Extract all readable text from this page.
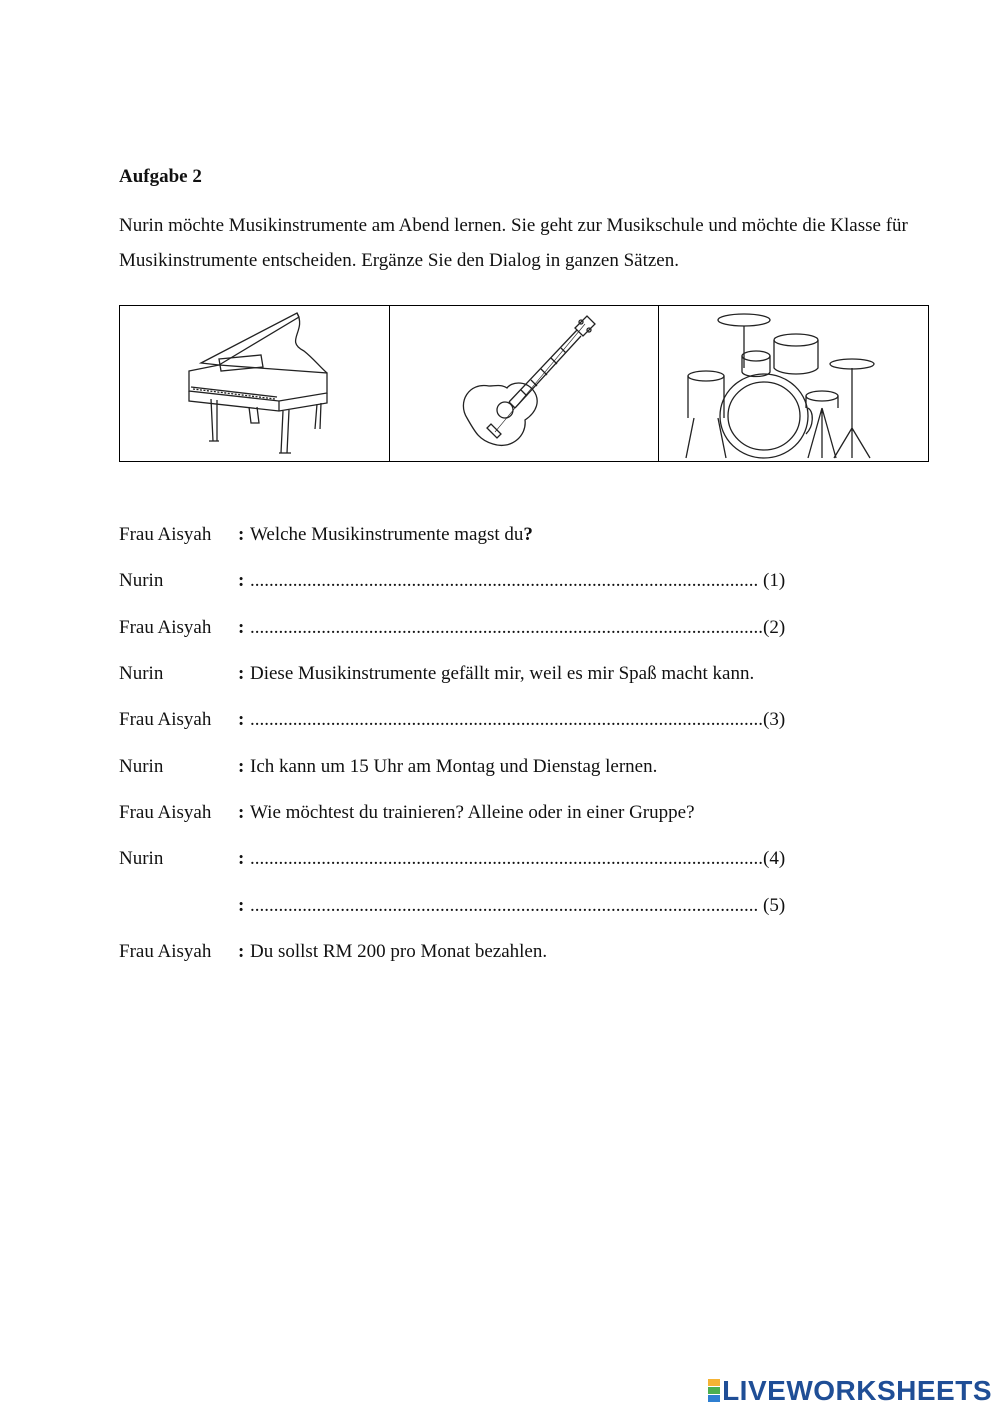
Aufgabe 2
Nurin möchte Musikinstrumente am Abend lernen. Sie geht zur Musikschule und möchte die Klasse für Musikinstrumente entscheiden. Ergänze Sie den Dialog in ganzen Sätzen.
Frau Aisyah	: Welche Musikinstrumente magst du?
Nurin	: ........................................................................................................... (1)
Frau Aisyah	: ............................................................................................................(2)
Nurin	: Diese Musikinstrumente gefällt mir, weil es mir Spaß macht kann.
Frau Aisyah	: ............................................................................................................(3)
Nurin	: Ich kann um 15 Uhr am Montag und Dienstag lernen.
Frau Aisyah	: Wie möchtest du trainieren? Alleine oder in einer Gruppe?
Nurin	: ............................................................................................................(4)
: ........................................................................................................... (5)
Frau Aisyah	: Du sollst RM 200 pro Monat bezahlen.
LIVEWORKSHEETS
